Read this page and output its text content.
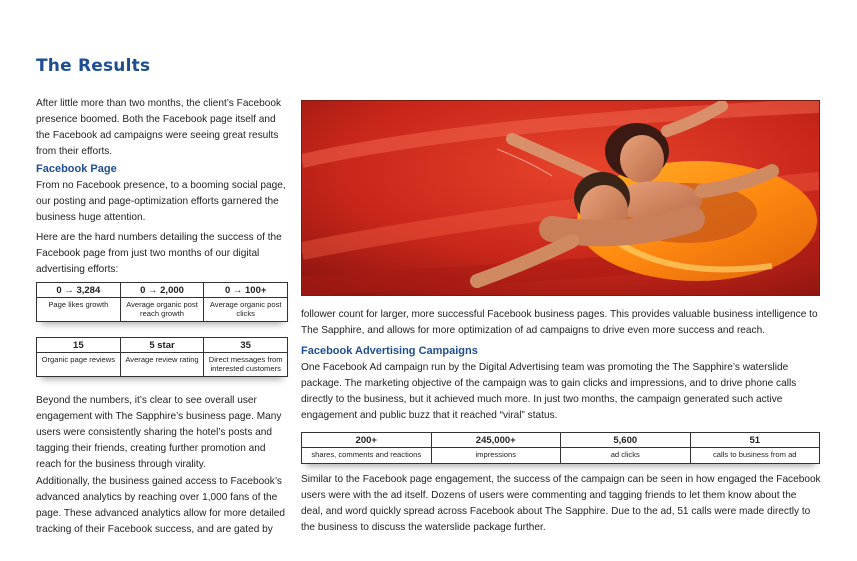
The Results

After little more than two months, the client’s Facebook presence boomed. Both the Facebook page itself and the Facebook ad campaigns were seeing great results from their efforts.

Facebook Page

From no Facebook presence, to a booming social page, our posting and page-optimization efforts garnered the business huge attention.

Here are the hard numbers detailing the success of the Facebook page from just two months of our digital advertising efforts:

0 → 3,284
Page likes growth
0 → 2,000
Average organic post reach growth
0 → 100+
Average organic post clicks
15
Organic page reviews
5 star
Average review rating
35
Direct messages from interested customers

Beyond the numbers, it’s clear to see overall user engagement with The Sapphire’s business page. Many users were consistently sharing the hotel’s posts and tagging their friends, creating further promotion and reach for the business through virality.

Additionally, the business gained access to Facebook’s advanced analytics by reaching over 1,000 fans of the page. These advanced analytics allow for more detailed tracking of their Facebook success, and are gated by

follower count for larger, more successful Facebook business pages. This provides valuable business intelligence to The Sapphire, and allows for more optimization of ad campaigns to drive even more success and reach.

Facebook Advertising Campaigns

One Facebook Ad campaign run by the Digital Advertising team was promoting the The Sapphire’s waterslide package. The marketing objective of the campaign was to gain clicks and impressions, and to drive phone calls directly to the business, but it achieved much more. In just two months, the campaign generated such active engagement and public buzz that it reached “viral” status.

200+
shares, comments and reactions
245,000+
impressions
5,600
ad clicks
51
calls to business from ad

Similar to the Facebook page engagement, the success of the campaign can be seen in how engaged the Facebook users were with the ad itself. Dozens of users were commenting and tagging friends to let them know about the deal, and word quickly spread across Facebook about The Sapphire. Due to the ad, 51 calls were made directly to the business to discuss the waterslide package further.
